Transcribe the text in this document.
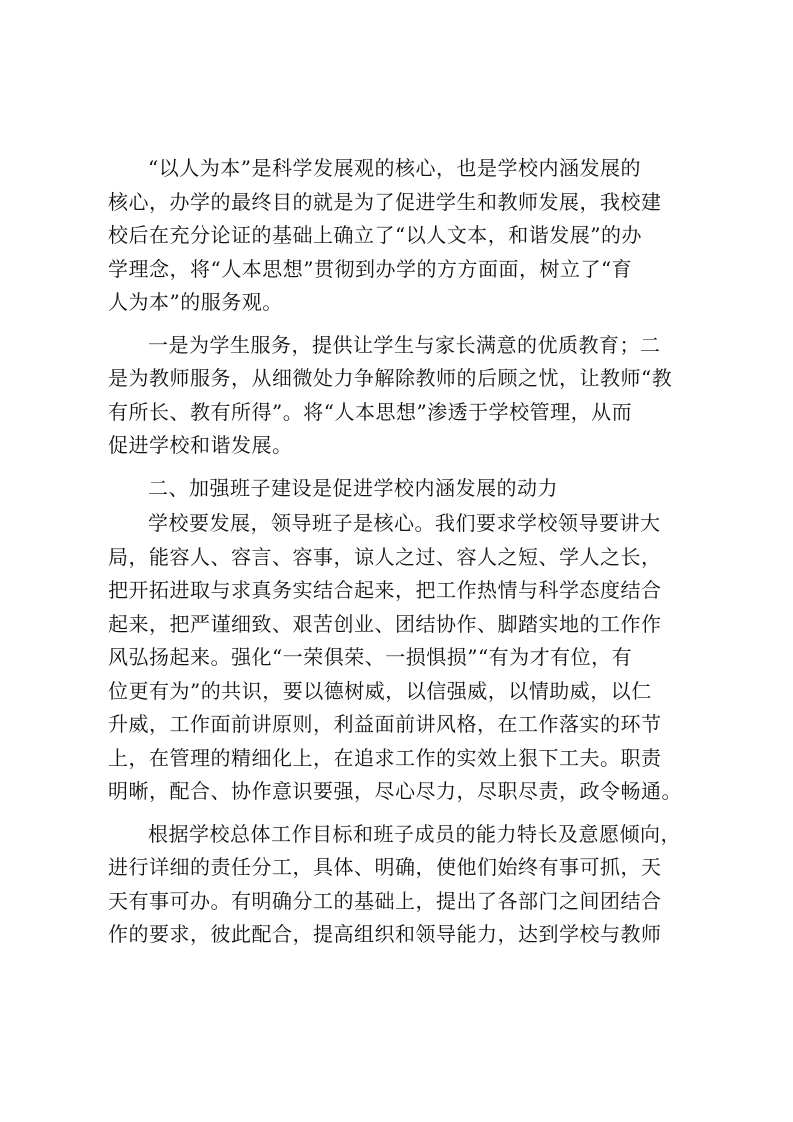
“以人为本”是科学发展观的核心，也是学校内涵发展的
核心，办学的最终目的就是为了促进学生和教师发展，我校建
校后在充分论证的基础上确立了“以人文本，和谐发展”的办
学理念，将“人本思想”贯彻到办学的方方面面，树立了“育
人为本”的服务观。

一是为学生服务，提供让学生与家长满意的优质教育；二
是为教师服务，从细微处力争解除教师的后顾之忧，让教师“教
有所长、教有所得”。将“人本思想”渗透于学校管理，从而
促进学校和谐发展。

二、加强班子建设是促进学校内涵发展的动力

学校要发展，领导班子是核心。我们要求学校领导要讲大
局，能容人、容言、容事，谅人之过、容人之短、学人之长，
把开拓进取与求真务实结合起来，把工作热情与科学态度结合
起来，把严谨细致、艰苦创业、团结协作、脚踏实地的工作作
风弘扬起来。强化“一荣俱荣、一损惧损”“有为才有位，有
位更有为”的共识，要以德树威，以信强威，以情助威，以仁
升威，工作面前讲原则，利益面前讲风格，在工作落实的环节
上，在管理的精细化上，在追求工作的实效上狠下工夫。职责
明晰，配合、协作意识要强，尽心尽力，尽职尽责，政令畅通。

根据学校总体工作目标和班子成员的能力特长及意愿倾向，
进行详细的责任分工，具体、明确，使他们始终有事可抓，天
天有事可办。有明确分工的基础上，提出了各部门之间团结合
作的要求，彼此配合，提高组织和领导能力，达到学校与教师
